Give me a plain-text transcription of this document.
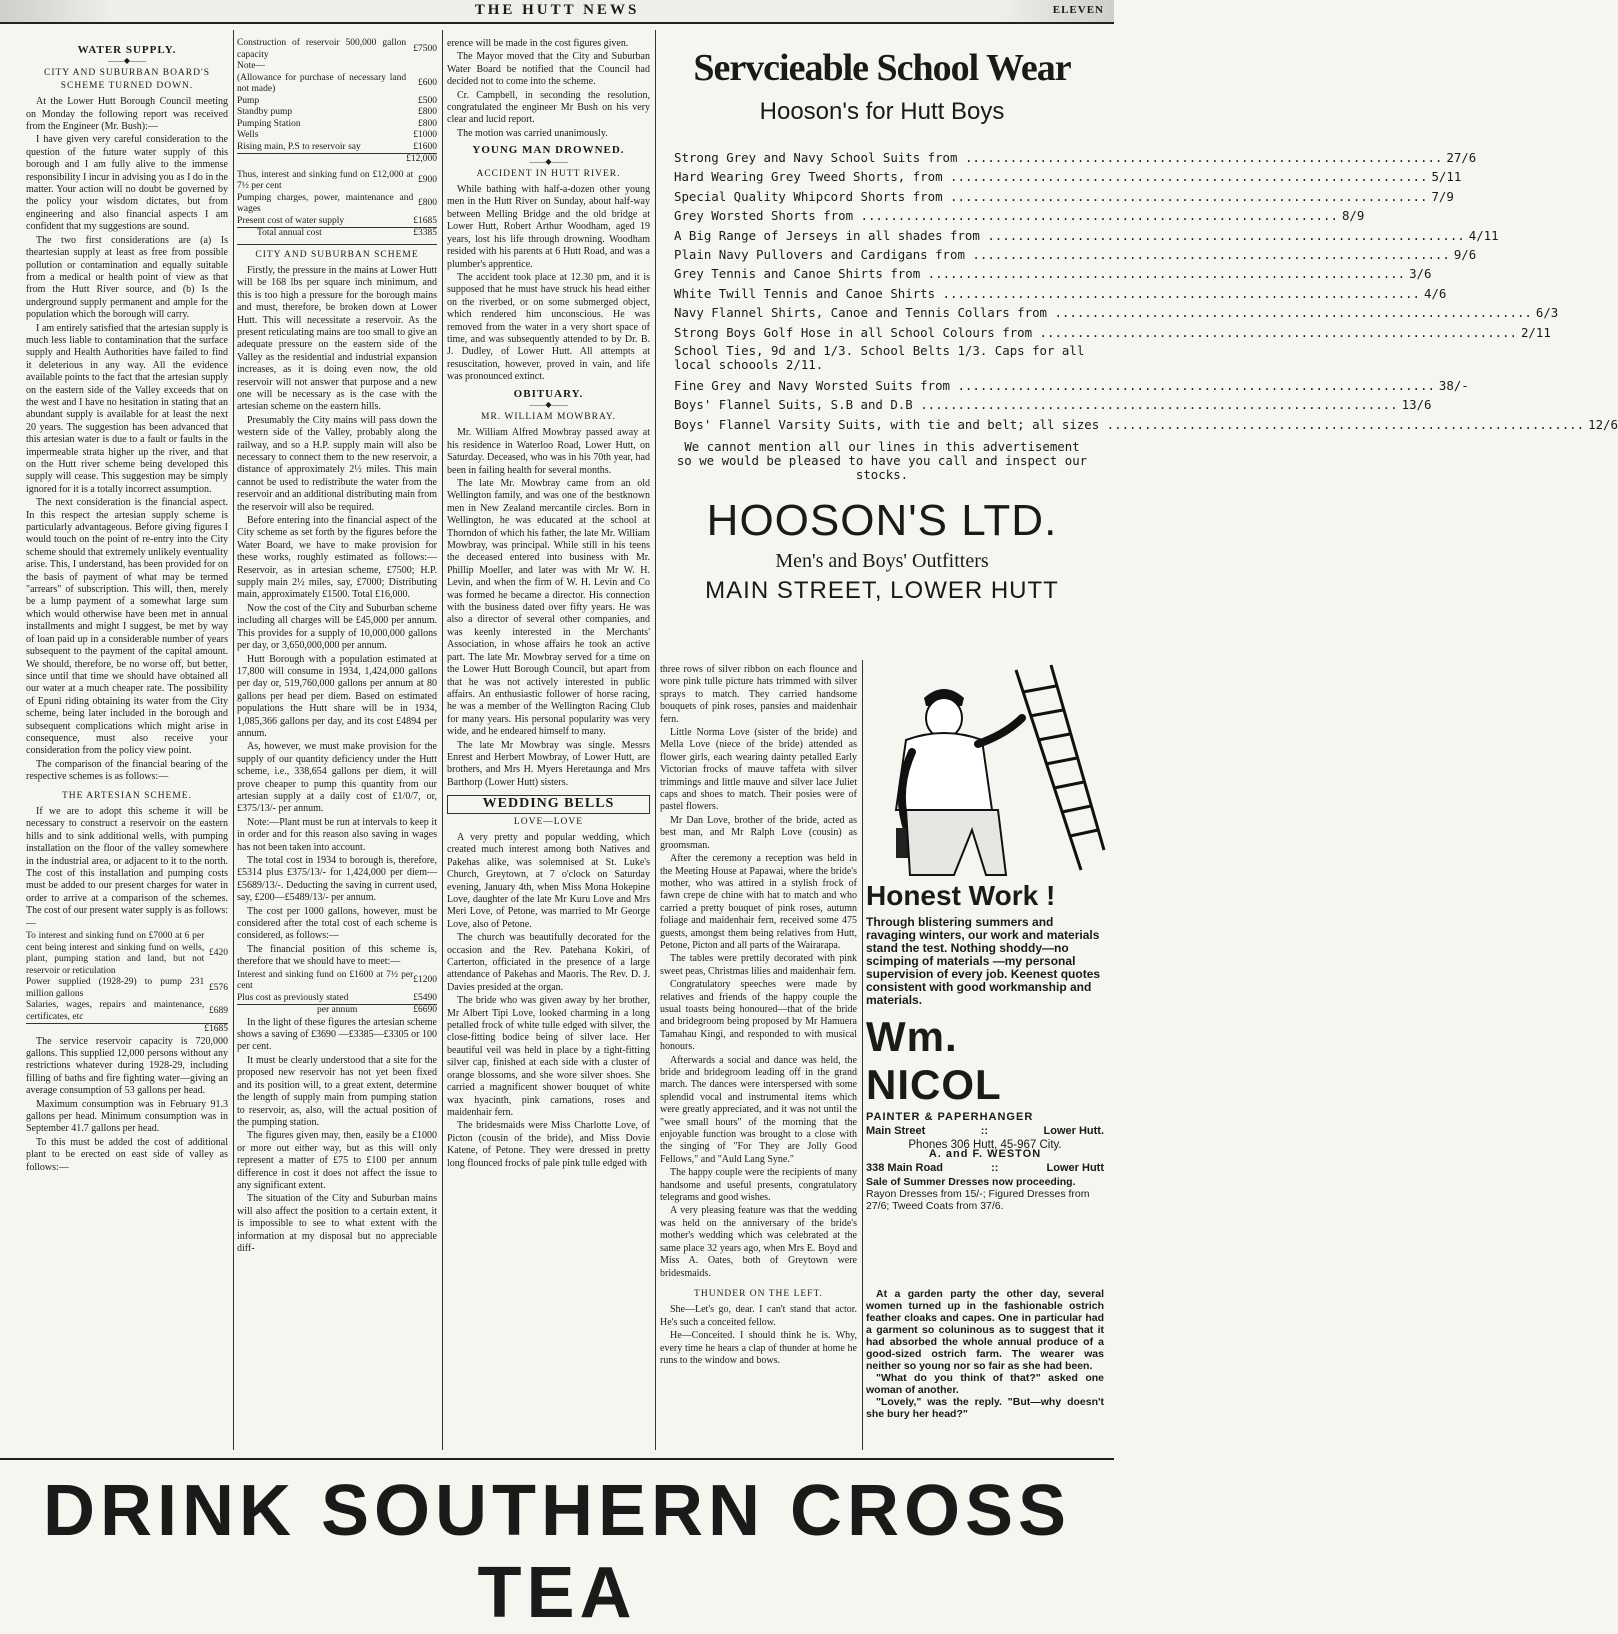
THE HUTT NEWS	ELEVEN
WATER SUPPLY.
——◆——
CITY AND SUBURBAN BOARD'S SCHEME TURNED DOWN.

At the Lower Hutt Borough Council meeting on Monday the following report was received from the Engineer (Mr. Bush):—

I have given very careful consideration to the question of the future water supply of this borough and I am fully alive to the immense responsibility I incur in advising you as I do in the matter. Your action will no doubt be governed by the policy your wisdom dictates, but from engineering and also financial aspects I am confident that my suggestions are sound.

The two first considerations are (a) Is theartesian supply at least as free from possible pollution or contamination and equally suitable from a medical or health point of view as that from the Hutt River source, and (b) Is the underground supply permanent and ample for the population which the borough will carry.

I am entirely satisfied that the artesian supply is much less liable to contamination that the surface supply and Health Authorities have failed to find it deleterious in any way. All the evidence available points to the fact that the artesian supply on the eastern side of the Valley exceeds that on the west and I have no hesitation in stating that an abundant supply is available for at least the next 20 years. The suggestion has been advanced that this artesian water is due to a fault or faults in the impermeable strata higher up the river, and that on the Hutt river scheme being developed this supply will cease. This suggestion may be simply ignored for it is a totally incorrect assumption.

The next consideration is the financial aspect. In this respect the artesian supply scheme is particularly advantageous. Before giving figures I would touch on the point of re-entry into the City scheme should that extremely unlikely eventuality arise. This, I understand, has been provided for on the basis of payment of what may be termed "arrears" of subscription. This will, then, merely be a lump payment of a somewhat large sum which would otherwise have been met in annual installments and might I suggest, be met by way of loan paid up in a considerable number of years subsequent to the payment of the capital amount. We should, therefore, be no worse off, but better, since until that time we should have obtained all our water at a much cheaper rate. The possibility of Epuni riding obtaining its water from the City scheme, being later included in the borough and subsequent complications which might arise in consequence, must also receive your consideration from the policy view point.

The comparison of the financial bearing of the respective schemes is as follows:—

THE ARTESIAN SCHEME.

If we are to adopt this scheme it will be necessary to construct a reservoir on the eastern hills and to sink additional wells, with pumping installation on the floor of the valley somewhere in the industrial area, or adjacent to it to the north. The cost of this installation and pumping costs must be added to our present charges for water in order to arrive at a comparison of the schemes. The cost of our present water supply is as follows:—

To interest and sinking fund on £7000 at 6 per cent being interest and sinking fund on wells, plant, pumping station and land, but not reservoir or reticulation	£420
Power supplied (1928-29) to pump 231 million gallons	£576
Salaries, wages, repairs and maintenance, certificates, etc	£689
	£1685

The service reservoir capacity is 720,000 gallons. This supplied 12,000 persons without any restrictions whatever during 1928-29, including filling of baths and fire fighting water—giving an average consumption of 53 gallons per head.

Maximum consumption was in February 91.3 gallons per head. Minimum consumption was in September 41.7 gallons per head.

To this must be added the cost of additional plant to be erected on east side of valley as follows:—

Construction of reservoir 500,000 gallon capacity	£7500
Note—	
(Allowance for purchase of necessary land not made)	£600
Pump	£500
Standby pump	£800
Pumping Station	£800
Wells	£1000
Rising main, P.S to reservoir say	£1600
	£12,000
Thus, interest and sinking fund on £12,000 at 7½ per cent	£900
Pumping charges, power, maintenance and wages	£800
Present cost of water supply	£1685
Total annual cost	£3385
CITY AND SUBURBAN SCHEME

Firstly, the pressure in the mains at Lower Hutt will be 168 lbs per square inch minimum, and this is too high a pressure for the borough mains and must, therefore, be broken down at Lower Hutt. This will necessitate a reservoir. As the present reticulating mains are too small to give an adequate pressure on the eastern side of the Valley as the residential and industrial expansion increases, as it is doing even now, the old reservoir will not answer that purpose and a new one will be necessary as is the case with the artesian scheme on the eastern hills.

Presumably the City mains will pass down the western side of the Valley, probably along the railway, and so a H.P. supply main will also be necessary to connect them to the new reservoir, a distance of approximately 2½ miles. This main cannot be used to redistribute the water from the reservoir and an additional distributing main from the reservoir will also be required.

Before entering into the financial aspect of the City scheme as set forth by the figures before the Water Board, we have to make provision for these works, roughly estimated as follows:— Reservoir, as in artesian scheme, £7500; H.P. supply main 2½ miles, say, £7000; Distributing main, approximately £1500. Total £16,000.

Now the cost of the City and Suburban scheme including all charges will be £45,000 per annum. This provides for a supply of 10,000,000 gallons per day, or 3,650,000,000 per annum.

Hutt Borough with a population estimated at 17,800 will consume in 1934, 1,424,000 gallons per day or, 519,760,000 gallons per annum at 80 gallons per head per diem. Based on estimated populations the Hutt share will be in 1934, 1,085,366 gallons per day, and its cost £4894 per annum.

As, however, we must make provision for the supply of our quantity deficiency under the Hutt scheme, i.e., 338,654 gallons per diem, it will prove cheaper to pump this quantity from our artesian supply at a daily cost of £1/0/7, or, £375/13/- per annum.

Note:—Plant must be run at intervals to keep it in order and for this reason also saving in wages has not been taken into account.

The total cost in 1934 to borough is, therefore, £5314 plus £375/13/- for 1,424,000 per diem—£5689/13/-. Deducting the saving in current used, say, £200—£5489/13/- per annum.

The cost per 1000 gallons, however, must be considered after the total cost of each scheme is considered, as follows:—

The financial position of this scheme is, therefore that we should have to meet:—

Interest and sinking fund on £1600 at 7½ per cent	£1200
Plus cost as previously stated	£5490
per annum	£6690

In the light of these figures the artesian scheme shows a saving of £3690 —£3385—£3305 or 100 per cent.

It must be clearly understood that a site for the proposed new reservoir has not yet been fixed and its position will, to a great extent, determine the length of supply main from pumping station to reservoir, as, also, will the actual position of the pumping station.

The figures given may, then, easily be a £1000 or more out either way, but as this will only represent a matter of £75 to £100 per annum difference in cost it does not affect the issue to any significant extent.

The situation of the City and Suburban mains will also affect the position to a certain extent, it is impossible to see to what extent with the information at my disposal but no appreciable diff-

erence will be made in the cost figures given.

The Mayor moved that the City and Suburban Water Board be notified that the Council had decided not to come into the scheme.

Cr. Campbell, in seconding the resolution, congratulated the engineer Mr Bush on his very clear and lucid report.

The motion was carried unanimously.

YOUNG MAN DROWNED.
——◆——
ACCIDENT IN HUTT RIVER.

While bathing with half-a-dozen other young men in the Hutt River on Sunday, about half-way between Melling Bridge and the old bridge at Lower Hutt, Robert Arthur Woodham, aged 19 years, lost his life through drowning. Woodham resided with his parents at 6 Hutt Road, and was a plumber's apprentice.

The accident took place at 12.30 pm, and it is supposed that he must have struck his head either on the riverbed, or on some submerged object, which rendered him unconscious. He was removed from the water in a very short space of time, and was subsequently attended to by Dr. B. J. Dudley, of Lower Hutt. All attempts at resuscitation, however, proved in vain, and life was pronounced extinct.

OBITUARY.
——◆——
MR. WILLIAM MOWBRAY.

Mr. William Alfred Mowbray passed away at his residence in Waterloo Road, Lower Hutt, on Saturday. Deceased, who was in his 70th year, had been in failing health for several months.

The late Mr. Mowbray came from an old Wellington family, and was one of the bestknown men in New Zealand mercantile circles. Born in Wellington, he was educated at the school at Thorndon of which his father, the late Mr. William Mowbray, was principal. While still in his teens the deceased entered into business with Mr. Phillip Moeller, and later was with Mr W. H. Levin, and when the firm of W. H. Levin and Co was formed he became a director. His connection with the business dated over fifty years. He was also a director of several other companies, and was keenly interested in the Merchants' Association, in whose affairs he took an active part. The late Mr. Mowbray served for a time on the Lower Hutt Borough Council, but apart from that he was not actively interested in public affairs. An enthusiastic follower of horse racing, he was a member of the Wellington Racing Club for many years. His personal popularity was very wide, and he endeared himself to many.

The late Mr Mowbray was single. Messrs Enrest and Herbert Mowbray, of Lower Hutt, are brothers, and Mrs H. Myers Heretaunga and Mrs Barthorp (Lower Hutt) sisters.

WEDDING BELLS
LOVE—LOVE

A very pretty and popular wedding, which created much interest among both Natives and Pakehas alike, was solemnised at St. Luke's Church, Greytown, at 7 o'clock on Saturday evening, January 4th, when Miss Mona Hokepine Love, daughter of the late Mr Kuru Love and Mrs Meri Love, of Petone, was married to Mr George Love, also of Petone.

The church was beautifully decorated for the occasion and the Rev. Patehana Kokiri, of Carterton, officiated in the presence of a large attendance of Pakehas and Maoris. The Rev. D. J. Davies presided at the organ.

The bride who was given away by her brother, Mr Albert Tipi Love, looked charming in a long petalled frock of white tulle edged with silver, the close-fitting bodice being of silver lace. Her beautiful veil was held in place by a tight-fitting silver cap, finished at each side with a cluster of orange blossoms, and she wore silver shoes. She carried a magnificent shower bouquet of white wax hyacinth, pink carnations, roses and maidenhair fern.

The bridesmaids were Miss Charlotte Love, of Picton (cousin of the bride), and Miss Dovie Katene, of Petone. They were dressed in pretty long flounced frocks of pale pink tulle edged with

Servcieable School Wear
Hooson's for Hutt Boys
Strong Grey and Navy School Suits from .....	27/6
Hard Wearing Grey Tweed Shorts, from .....	5/11
Special Quality Whipcord Shorts from .....	7/9
Grey Worsted Shorts from .....	8/9
A Big Range of Jerseys in all shades from .....	4/11
Plain Navy Pullovers and Cardigans from .....	9/6
Grey Tennis and Canoe Shirts from .....	3/6
White Twill Tennis and Canoe Shirts .....	4/6
Navy Flannel Shirts, Canoe and Tennis Collars from .....	6/3
Strong Boys Golf Hose in all School Colours from .....	2/11
School Ties, 9d and 1/3. School Belts 1/3. Caps for all local schoools 2/11.
Fine Grey and Navy Worsted Suits from .....	38/-
Boys' Flannel Suits, S.B and D.B .....	13/6
Boys' Flannel Varsity Suits, with tie and belt; all sizes .....	12/6
We cannot mention all our lines in this advertisement so we would be pleased to have you call and inspect our stocks.
HOOSON'S LTD.
Men's and Boys' Outfitters
MAIN STREET, LOWER HUTT

three rows of silver ribbon on each flounce and wore pink tulle picture hats trimmed with silver sprays to match. They carried handsome bouquets of pink roses, pansies and maidenhair fern.

Little Norma Love (sister of the bride) and Mella Love (niece of the bride) attended as flower girls, each wearing dainty petalled Early Victorian frocks of mauve taffeta with silver trimmings and little mauve and silver lace Juliet caps and shoes to match. Their posies were of pastel flowers.

Mr Dan Love, brother of the bride, acted as best man, and Mr Ralph Love (cousin) as groomsman.

After the ceremony a reception was held in the Meeting House at Papawai, where the bride's mother, who was attired in a stylish frock of fawn crepe de chine with hat to match and who carried a pretty bouquet of pink roses, autumn foliage and maidenhair fern, received some 475 guests, amongst them being relatives from Hutt, Petone, Picton and all parts of the Wairarapa.

The tables were prettily decorated with pink sweet peas, Christmas lilies and maidenhair fern.

Congratulatory speeches were made by relatives and friends of the happy couple the usual toasts being honoured—that of the bride and bridegroom being proposed by Mr Hamuera Tamahau Kingi, and responded to with musical honours.

Afterwards a social and dance was held, the bride and bridegroom leading off in the grand march. The dances were interspersed with some splendid vocal and instrumental items which were greatly appreciated, and it was not until the "wee small hours" of the morning that the enjoyable function was brought to a close with the singing of "For They are Jolly Good Fellows," and "Auld Lang Syne."

The happy couple were the recipients of many handsome and useful presents, congratulatory telegrams and good wishes.

A very pleasing feature was that the wedding was held on the anniversary of the bride's mother's wedding which was celebrated at the same place 32 years ago, when Mrs E. Boyd and Miss A. Oates, both of Greytown were bridesmaids.

THUNDER ON THE LEFT.

She—Let's go, dear. I can't stand that actor. He's such a conceited fellow.

He—Conceited. I should think he is. Why, every time he hears a clap of thunder at home he runs to the window and bows.

Honest Work !
Through blistering summers and ravaging winters, our work and materials stand the test. Nothing shoddy—no scimping of materials —my personal supervision of every job. Keenest quotes consistent with good workmanship and materials.
Wm. NICOL
PAINTER & PAPERHANGER
Main Street	::	Lower Hutt.
Phones 306 Hutt, 45-967 City.
A. and F. WESTON
338 Main Road	::	Lower Hutt
Sale of Summer Dresses now proceeding. Rayon Dresses from 15/-; Figured Dresses from 27/6; Tweed Coats from 37/6.

At a garden party the other day, several women turned up in the fashionable ostrich feather cloaks and capes. One in particular had a garment so coluninous as to suggest that it had absorbed the whole annual produce of a good-sized ostrich farm. The wearer was neither so young nor so fair as she had been.

"What do you think of that?" asked one woman of another.

"Lovely," was the reply. "But—why doesn't she bury her head?"

DRINK SOUTHERN CROSS TEA
